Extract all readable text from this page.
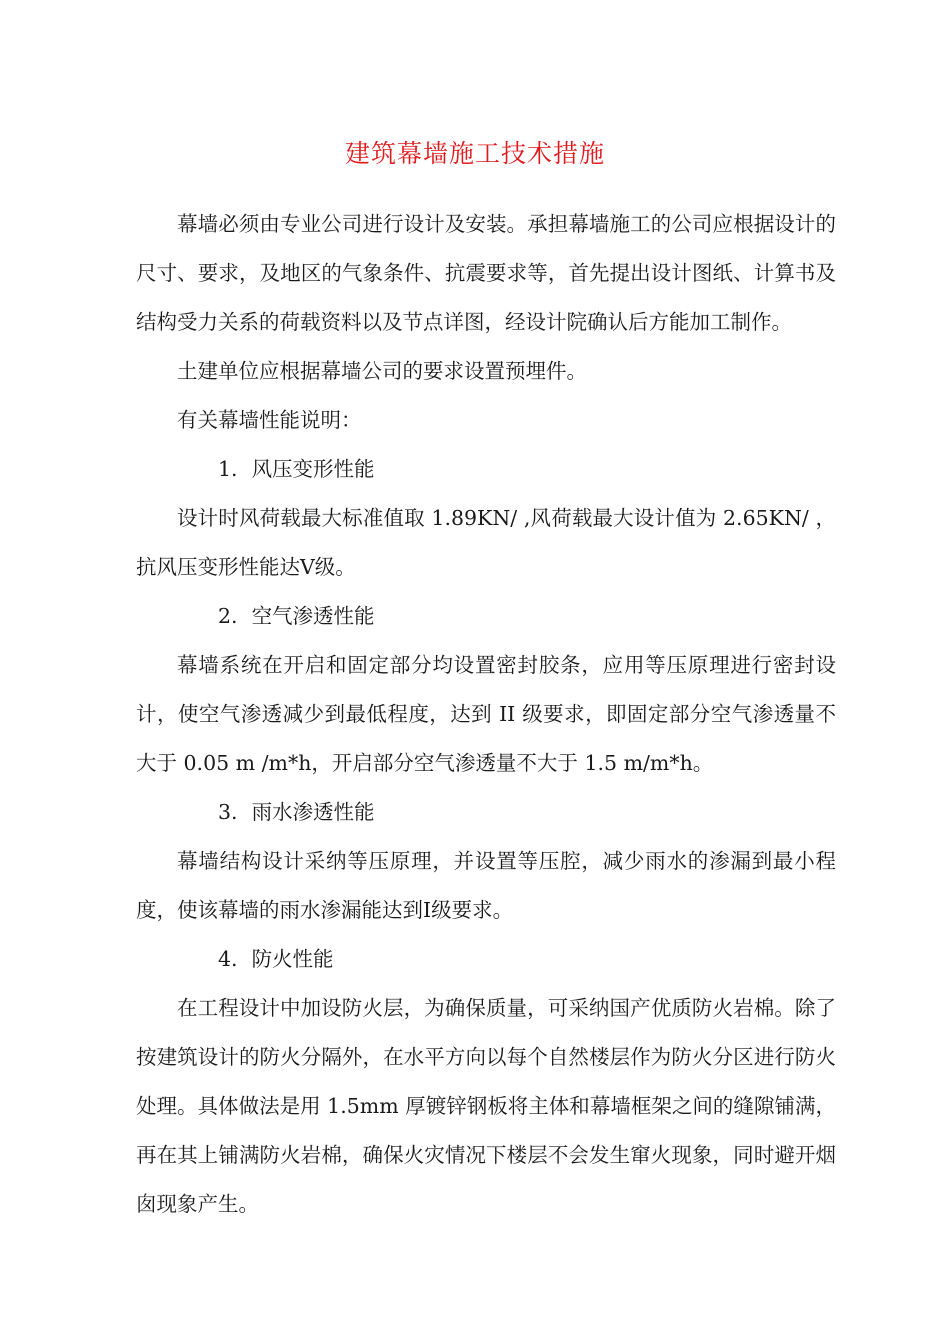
建筑幕墙施工技术措施

幕墙必须由专业公司进行设计及安装。承担幕墙施工的公司应根据设计的尺寸、要求，及地区的气象条件、抗震要求等，首先提出设计图纸、计算书及结构受力关系的荷载资料以及节点详图，经设计院确认后方能加工制作。

土建单位应根据幕墙公司的要求设置预埋件。

有关幕墙性能说明：

1. 风压变形性能

设计时风荷载最大标准值取 1.89KN/ ,风荷载最大设计值为 2.65KN/ ，抗风压变形性能达Ⅴ级。

2. 空气渗透性能

幕墙系统在开启和固定部分均设置密封胶条，应用等压原理进行密封设计，使空气渗透减少到最低程度，达到 II 级要求，即固定部分空气渗透量不大于 0.05 m /m*h，开启部分空气渗透量不大于 1.5 m/m*h。

3. 雨水渗透性能

幕墙结构设计采纳等压原理，并设置等压腔，减少雨水的渗漏到最小程度，使该幕墙的雨水渗漏能达到Ⅰ级要求。

4. 防火性能

在工程设计中加设防火层，为确保质量，可采纳国产优质防火岩棉。除了按建筑设计的防火分隔外，在水平方向以每个自然楼层作为防火分区进行防火处理。具体做法是用 1.5mm 厚镀锌钢板将主体和幕墙框架之间的缝隙铺满，再在其上铺满防火岩棉，确保火灾情况下楼层不会发生窜火现象，同时避开烟囱现象产生。
